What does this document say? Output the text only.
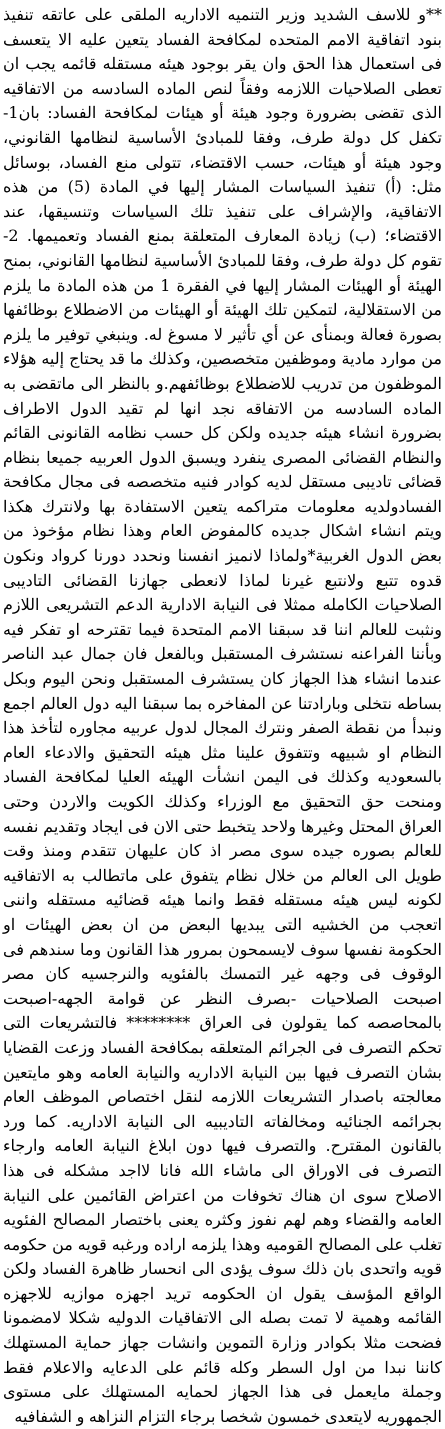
**و للاسف الشديد وزير التنميه الاداريه الملقى على عاتقه تنفيذ بنود اتفاقية الامم المتحده لمكافحة الفساد يتعين عليه الا يتعسف فى استعمال هذا الحق وان يقر بوجود هيئه مستقله قائمه يجب ان تعطى الصلاحيات اللازمه وفقاً لنص الماده السادسه من الاتفاقيه الذى تقضى بضرورة وجود هيئة أو هيئات لمكافحة الفساد: بان1- تكفل كل دولة طرف، وفقا للمبادئ الأساسية لنظامها القانوني، وجود هيئة أو هيئات، حسب الاقتضاء، تتولى منع الفساد، بوسائل مثل: (أ) تنفيذ السياسات المشار إليها في المادة (5) من هذه الاتفاقية، والإشراف على تنفيذ تلك السياسات وتنسيقها، عند الاقتضاء؛ (ب) زيادة المعارف المتعلقة بمنع الفساد وتعميمها. 2- تقوم كل دولة طرف، وفقا للمبادئ الأساسية لنظامها القانوني، بمنح الهيئة أو الهيئات المشار إليها في الفقرة 1 من هذه المادة ما يلزم من الاستقلالية، لتمكين تلك الهيئة أو الهيئات من الاضطلاع بوظائفها بصورة فعالة وبمنأى عن أي تأثير لا مسوغ له. وينبغي توفير ما يلزم من موارد مادية وموظفين متخصصين، وكذلك ما قد يحتاج إليه هؤلاء الموظفون من تدريب للاضطلاع بوظائفهم.و بالنظر الى ماتقضى به الماده السادسه من الاتفاقه نجد انها لم تقيد الدول الاطراف بضرورة انشاء هيئه جديده ولكن كل حسب نظامه القانونى القائم والنظام القضائى المصرى ينفرد ويسبق الدول العربيه جميعا بنظام قضائى تاديبى مستقل لديه كوادر فنيه متخصصه فى مجال مكافحة الفسادولديه معلومات متراكمه يتعين الاستفادة بها ولانترك هكذا ويتم انشاء اشكال جديده كالمفوض العام وهذا نظام مؤخوذ من بعض الدول الغربية*ولماذا لانميز انفسنا ونحدد دورنا كرواد ونكون قدوه تتبع ولانتبع غيرنا لماذا لانعطى جهازنا القضائى التاديبى الصلاحيات الكامله ممثلا فى النيابة الادارية الدعم التشريعى اللازم ونثبت للعالم اننا قد سبقنا الامم المتحدة فيما تقترحه او تفكر فيه وبأننا الفراعنه نستشرف المستقبل وبالفعل فان جمال عبد الناصر عندما انشاء هذا الجهاز كان يستشرف المستقبل ونحن اليوم وبكل بساطه نتخلى وبارادتنا عن المفاخره بما سبقنا اليه دول العالم اجمع ونبدأ من نقطة الصفر ونترك المجال لدول عربيه مجاوره لتأخذ هذا النظام او شبيهه وتتفوق علينا مثل هيئه التحقيق والادعاء العام بالسعوديه وكذلك فى اليمن انشأت الهيئه العليا لمكافحة الفساد ومنحت حق التحقيق مع الوزراء وكذلك الكويت والاردن وحتى العراق المحتل وغيرها ولاحد يتخبط حتى الان فى ايجاد وتقديم نفسه للعالم بصوره جيده سوى مصر اذ كان عليهان تتقدم ومنذ وقت طويل الى العالم من خلال نظام يتفوق على ماتطالب به الاتفاقيه لكونه ليس هيئه مستقله فقط وانما هيئه قضائيه مستقله واننى اتعجب من الخشيه التى يبديها البعض من ان بعض الهيئات او الحكومة نفسها سوف لايسمحون بمرور هذا القانون وما سندهم فى الوقوف فى وجهه غير التمسك بالفئويه والنرجسيه كان مصر اصبحت الصلاحيات -بصرف النظر عن قوامة الجهه-اصبحت بالمحاصصه كما يقولون فى العراق ******** فالتشريعات التى تحكم التصرف فى الجرائم المتعلقه بمكافحة الفساد وزعت القضايا بشان التصرف فيها بين النيابة الاداريه والنيابة العامه وهو مايتعين معالجته باصدار التشريعات اللازمه لنقل اختصاص الموظف العام بجرائمه الجنائيه ومخالفاته التاديبيه الى النيابة الاداريه. كما ورد بالقانون المقترح. والتصرف فيها دون ابلاغ النيابة العامه وارجاء التصرف فى الاوراق الى ماشاء الله فانا لااجد مشكله فى هذا الاصلاح سوى ان هناك تخوفات من اعتراض القائمين على النيابة العامه والقضاء وهم لهم نفوز وكثره يعنى باختصار المصالح الفئويه تغلب على المصالح القوميه وهذا يلزمه اراده ورغبه قويه من حكومه قويه واتحدى بان ذلك سوف يؤدى الى انحسار ظاهرة الفساد ولكن الواقع المؤسف يقول ان الحكومه تريد اجهزه موازيه للاجهزه القائمه وهمية لا تمت بصله الى الاتفاقيات الدوليه شكلا لامضمونا فضحت مثلا بكوادر وزارة التموين وانشات جهاز حماية المستهلك كاننا نبدا من اول السطر وكله قائم على الدعايه والاعلام فقط وجملة مايعمل فى هذا الجهاز لحمايه المستهلك على مستوى الجمهوريه لايتعدى خمسون شخصا برجاء التزام النزاهه و الشفافيه
